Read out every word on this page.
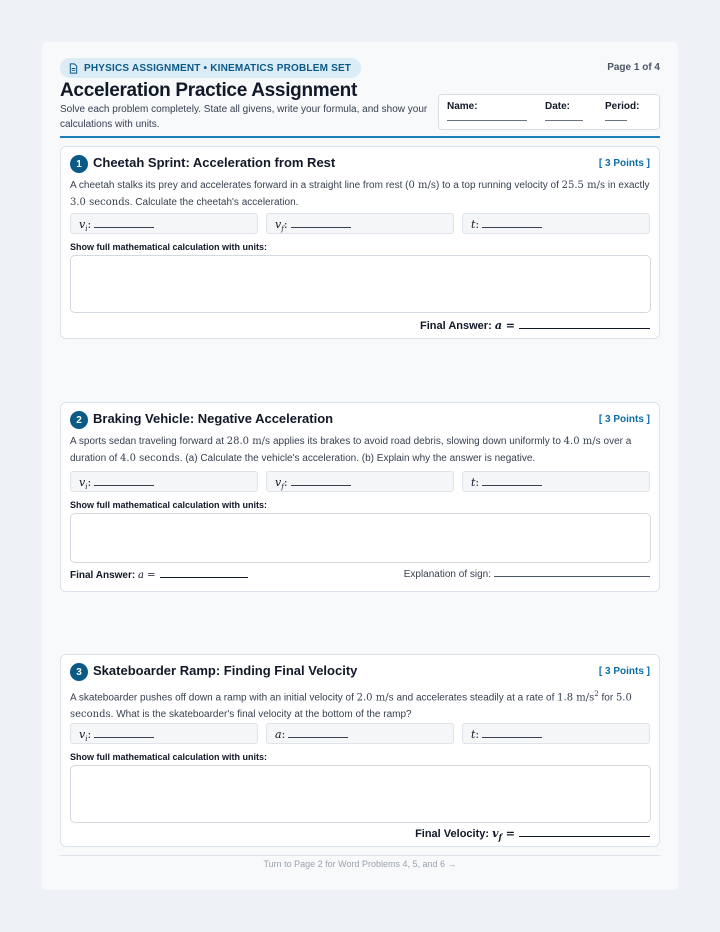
PHYSICS ASSIGNMENT • KINEMATICS PROBLEM SET	Page 1 of 4
Acceleration Practice Assignment
Solve each problem completely. State all givens, write your formula, and show your calculations with units.
Name:	Date:	Period:
1 Cheetah Sprint: Acceleration from Rest	[ 3 Points ]
A cheetah stalks its prey and accelerates forward in a straight line from rest (0 m/s) to a top running velocity of 25.5 m/s in exactly 3.0 seconds. Calculate the cheetah's acceleration.
$v_i$:	$v_f$:	t:
Show full mathematical calculation with units:
Final Answer: a =
2 Braking Vehicle: Negative Acceleration	[ 3 Points ]
A sports sedan traveling forward at 28.0 m/s applies its brakes to avoid road debris, slowing down uniformly to 4.0 m/s over a duration of 4.0 seconds. (a) Calculate the vehicle's acceleration. (b) Explain why the answer is negative.
$v_i$:	$v_f$:	t:
Show full mathematical calculation with units:
Final Answer: a =	Explanation of sign:
3 Skateboarder Ramp: Finding Final Velocity	[ 3 Points ]
A skateboarder pushes off down a ramp with an initial velocity of 2.0 m/s and accelerates steadily at a rate of 1.8 $m/s^2$ for 5.0 seconds. What is the skateboarder's final velocity at the bottom of the ramp?
$v_i$:	a:	t:
Show full mathematical calculation with units:
Final Velocity: $v_f$ =
Turn to Page 2 for Word Problems 4, 5, and 6 →
